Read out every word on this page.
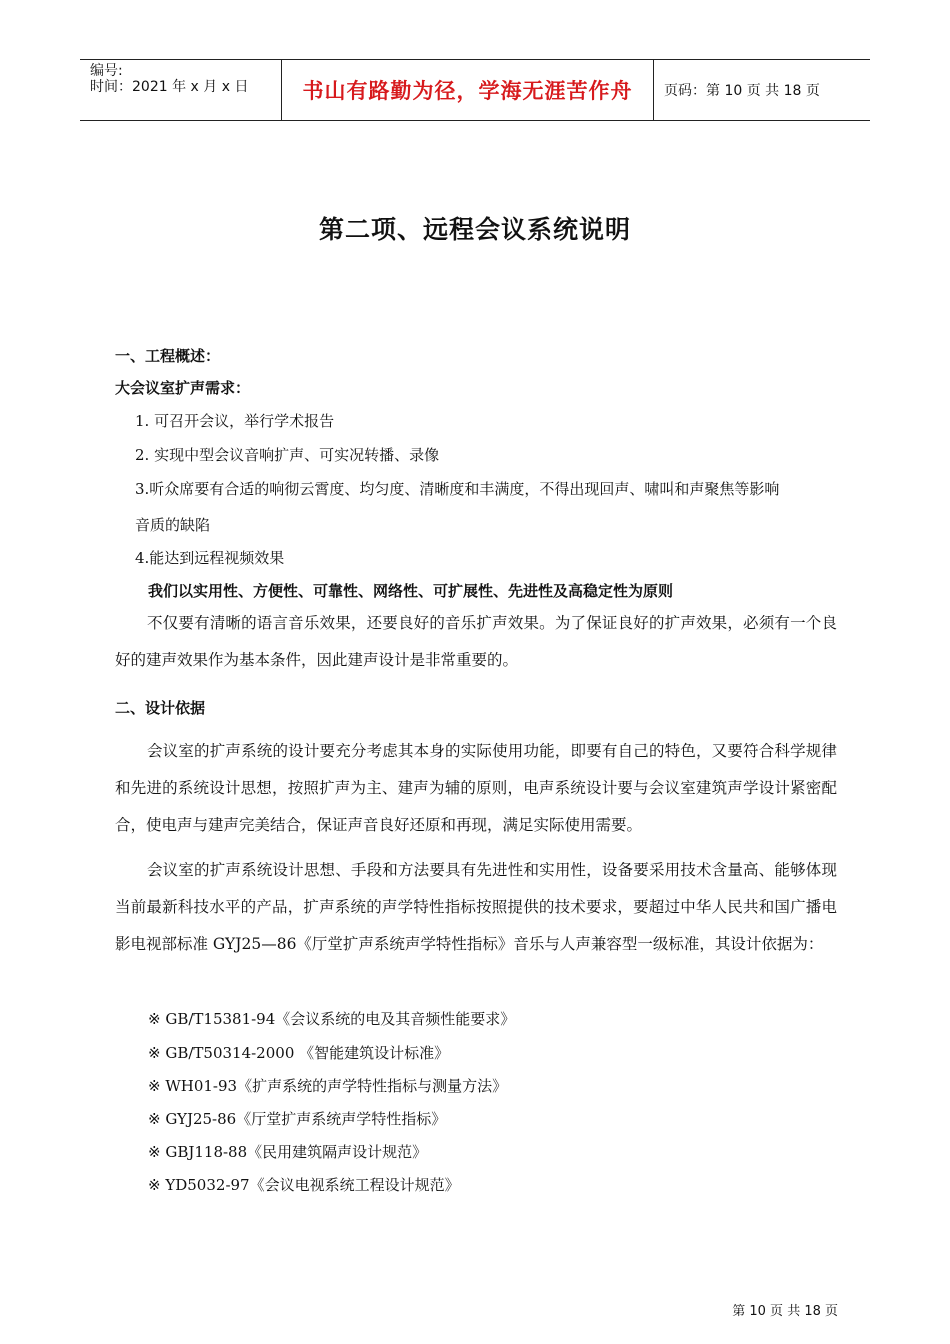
编号:
时间：2021 年 x 月 x 日	书山有路勤为径，学海无涯苦作舟	页码：第 10 页 共 18 页
第二项、远程会议系统说明
一、工程概述：
大会议室扩声需求：
1. 可召开会议，举行学术报告
2. 实现中型会议音响扩声、可实况转播、录像
3.听众席要有合适的响彻云霄度、均匀度、清晰度和丰满度，不得出现回声、啸叫和声聚焦等影响
音质的缺陷
4.能达到远程视频效果
我们以实用性、方便性、可靠性、网络性、可扩展性、先进性及高稳定性为原则
不仅要有清晰的语言音乐效果，还要良好的音乐扩声效果。为了保证良好的扩声效果，必须有一个良好的建声效果作为基本条件，因此建声设计是非常重要的。
二、设计依据
会议室的扩声系统的设计要充分考虑其本身的实际使用功能，即要有自己的特色，又要符合科学规律和先进的系统设计思想，按照扩声为主、建声为辅的原则，电声系统设计要与会议室建筑声学设计紧密配合，使电声与建声完美结合，保证声音良好还原和再现，满足实际使用需要。
会议室的扩声系统设计思想、手段和方法要具有先进性和实用性，设备要采用技术含量高、能够体现当前最新科技水平的产品，扩声系统的声学特性指标按照提供的技术要求，要超过中华人民共和国广播电影电视部标准 GYJ25—86《厅堂扩声系统声学特性指标》音乐与人声兼容型一级标准，其设计依据为：
※ GB/T15381-94《会议系统的电及其音频性能要求》
※ GB/T50314-2000 《智能建筑设计标准》
※ WH01-93《扩声系统的声学特性指标与测量方法》
※ GYJ25-86《厅堂扩声系统声学特性指标》
※ GBJ118-88《民用建筑隔声设计规范》
※ YD5032-97《会议电视系统工程设计规范》
第 10 页 共 18 页
